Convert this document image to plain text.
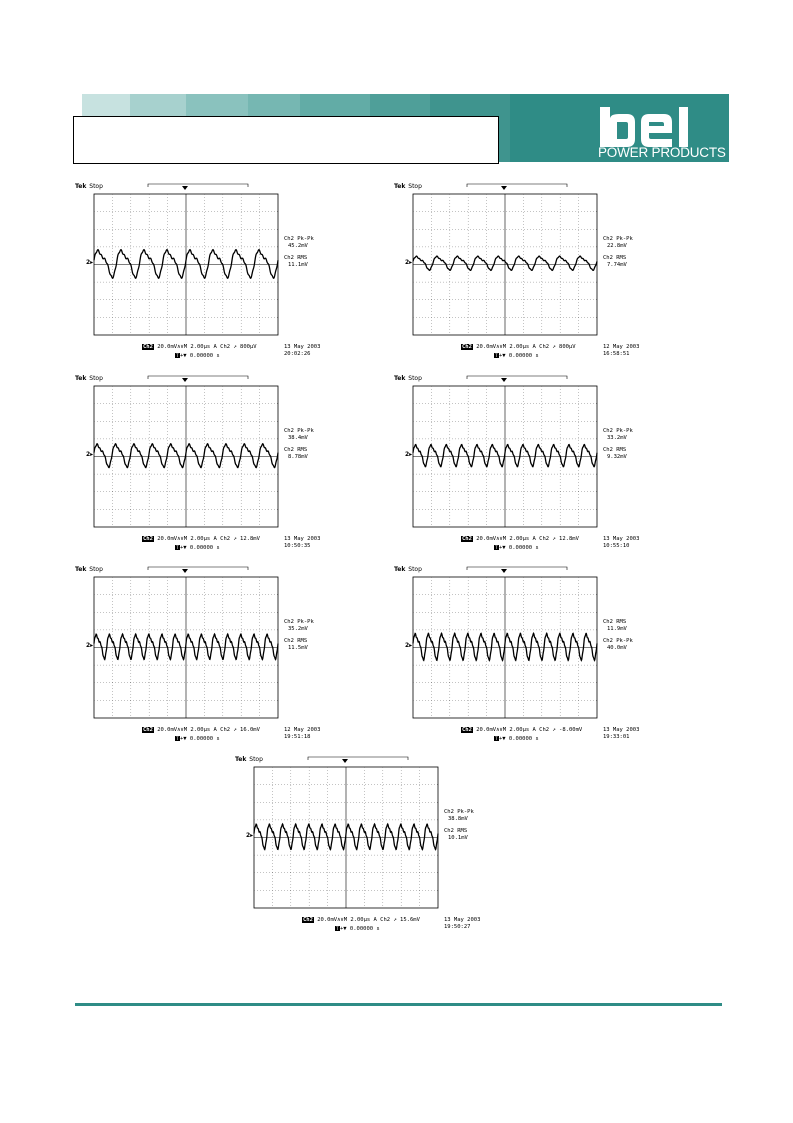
POWER PRODUCTS
Tek Stop
2▸
Ch2 Pk-Pk
45.2mV
Ch2 RMS
11.1mV
Ch2 20.0mV∧∨M 2.00µs A Ch2 ↗ 800µV
T+▼ 0.00000 s
13 May 2003
20:02:26
Tek Stop
2▸
Ch2 Pk-Pk
22.8mV
Ch2 RMS
7.74mV
Ch2 20.0mV∧∨M 2.00µs A Ch2 ↗ 800µV
T+▼ 0.00000 s
12 May 2003
16:58:51
Tek Stop
2▸
Ch2 Pk-Pk
38.4mV
Ch2 RMS
8.78mV
Ch2 20.0mV∧∨M 2.00µs A Ch2 ↗ 12.8mV
T+▼ 0.00000 s
13 May 2003
10:50:35
Tek Stop
2▸
Ch2 Pk-Pk
33.2mV
Ch2 RMS
9.32mV
Ch2 20.0mV∧∨M 2.00µs A Ch2 ↗ 12.8mV
T+▼ 0.00000 s
13 May 2003
10:55:10
Tek Stop
2▸
Ch2 Pk-Pk
35.2mV
Ch2 RMS
11.5mV
Ch2 20.0mV∧∨M 2.00µs A Ch2 ↗ 16.0mV
T+▼ 0.00000 s
12 May 2003
19:51:18
Tek Stop
2▸
Ch2 RMS
11.9mV
Ch2 Pk-Pk
40.0mV
Ch2 20.0mV∧∨M 2.00µs A Ch2 ↗ -8.00mV
T+▼ 0.00000 s
13 May 2003
19:33:01
Tek Stop
2▸
Ch2 Pk-Pk
38.8mV
Ch2 RMS
10.1mV
Ch2 20.0mV∧∨M 2.00µs A Ch2 ↗ 15.6mV
T+▼ 0.00000 s
13 May 2003
19:50:27
